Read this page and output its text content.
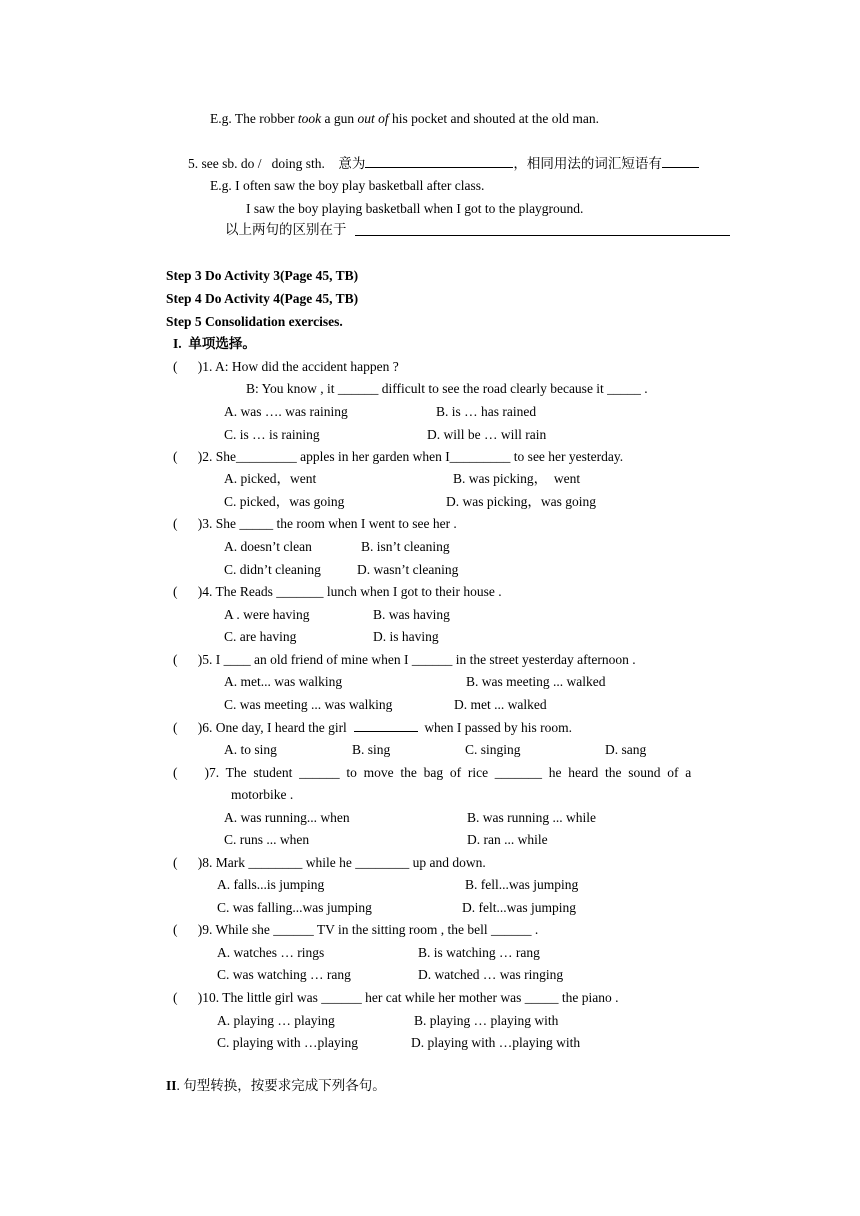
E.g. The robber took a gun out of his pocket and shouted at the old man.
5. see sb. do /   doing sth.    意为	，相同用法的词汇短语有
E.g. I often saw the boy play basketball after class.
I saw the boy playing basketball when I got to the playground.
以上两句的区别在于
Step 3 Do Activity 3(Page 45, TB)
Step 4 Do Activity 4(Page 45, TB)
Step 5 Consolidation exercises.
I.  单项选择。
(      )1. A: How did the accident happen ?
B: You know , it ______ difficult to see the road clearly because it _____ .
A. was …. was raining	B. is … has rained
C. is … is raining	D. will be … will rain
(      )2. She_________ apples in her garden when I_________ to see her yesterday.
A. picked，went	B. was picking，  went
C. picked，was going	D. was picking，was going
(      )3. She _____ the room when I went to see her .
A. doesn’t clean	B. isn’t cleaning
C. didn’t cleaning	D. wasn’t cleaning
(      )4. The Reads _______ lunch when I got to their house .
A . were having	B. was having
C. are having	D. is having
(      )5. I ____ an old friend of mine when I ______ in the street yesterday afternoon .
A. met... was walking	B. was meeting ... walked
C. was meeting ... was walking	D. met ... walked
(      )6. One day, I heard the girl	when I passed by his room.
A. to sing	B. sing	C. singing	D. sang
(        )7.  The  student  ______  to  move  the  bag  of  rice  _______  he  heard  the  sound  of  a
motorbike .
A. was running... when	B. was running ... while
C. runs ... when	D. ran ... while
(      )8. Mark ________ while he ________ up and down.
A. falls...is jumping	B. fell...was jumping
C. was falling...was jumping	D. felt...was jumping
(      )9. While she ______ TV in the sitting room , the bell ______ .
A. watches … rings	B. is watching … rang
C. was watching … rang	D. watched … was ringing
(      )10. The little girl was ______ her cat while her mother was _____ the piano .
A. playing … playing	B. playing … playing with
C. playing with …playing	D. playing with …playing with
II. 句型转换，按要求完成下列各句。
